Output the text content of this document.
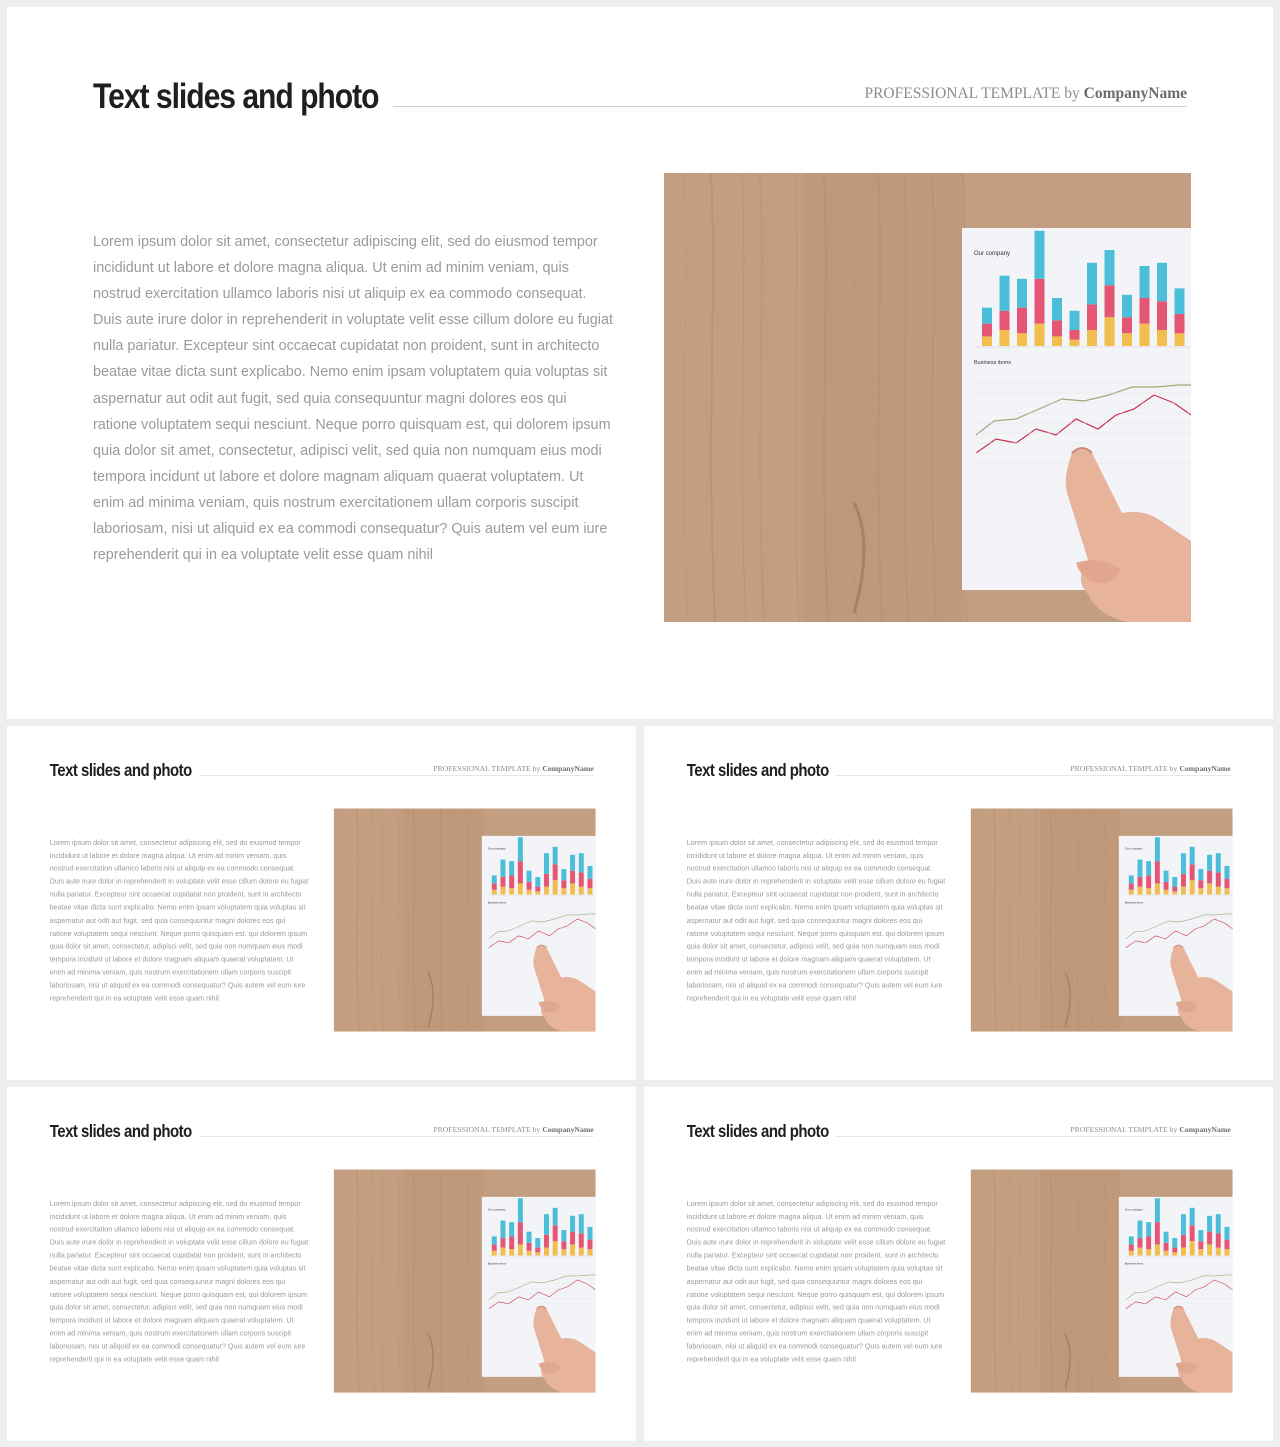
Text slides and photo	PROFESSIONAL TEMPLATE by CompanyName

Lorem ipsum dolor sit amet, consectetur adipiscing elit, sed do eiusmod tempor incididunt ut labore et dolore magna aliqua. Ut enim ad minim veniam, quis nostrud exercitation ullamco laboris nisi ut aliquip ex ea commodo consequat. Duis aute irure dolor in reprehenderit in voluptate velit esse cillum dolore eu fugiat nulla pariatur. Excepteur sint occaecat cupidatat non proident, sunt in architecto beatae vitae dicta sunt explicabo. Nemo enim ipsam voluptatem quia voluptas sit aspernatur aut odit aut fugit, sed quia consequuntur magni dolores eos qui ratione voluptatem sequi nesciunt. Neque porro quisquam est, qui dolorem ipsum quia dolor sit amet, consectetur, adipisci velit, sed quia non numquam eius modi tempora incidunt ut labore et dolore magnam aliquam quaerat voluptatem. Ut enim ad minima veniam, quis nostrum exercitationem ullam corporis suscipit laboriosam, nisi ut aliquid ex ea commodi consequatur? Quis autem vel eum iure reprehenderit qui in ea voluptate velit esse quam nihil

Our company
Business items
Text slides and photo	PROFESSIONAL TEMPLATE by CompanyName

Lorem ipsum dolor sit amet, consectetur adipiscing elit, sed do eiusmod tempor incididunt ut labore et dolore magna aliqua. Ut enim ad minim veniam, quis nostrud exercitation ullamco laboris nisi ut aliquip ex ea commodo consequat. Duis aute irure dolor in reprehenderit in voluptate velit esse cillum dolore eu fugiat nulla pariatur. Excepteur sint occaecat cupidatat non proident, sunt in architecto beatae vitae dicta sunt explicabo. Nemo enim ipsam voluptatem quia voluptas sit aspernatur aut odit aut fugit, sed quia consequuntur magni dolores eos qui ratione voluptatem sequi nesciunt. Neque porro quisquam est, qui dolorem ipsum quia dolor sit amet, consectetur, adipisci velit, sed quia non numquam eius modi tempora incidunt ut labore et dolore magnam aliquam quaerat voluptatem. Ut enim ad minima veniam, quis nostrum exercitationem ullam corporis suscipit laboriosam, nisi ut aliquid ex ea commodi consequatur? Quis autem vel eum iure reprehenderit qui in ea voluptate velit esse quam nihil

Our company
Business items
Text slides and photo	PROFESSIONAL TEMPLATE by CompanyName

Lorem ipsum dolor sit amet, consectetur adipiscing elit, sed do eiusmod tempor incididunt ut labore et dolore magna aliqua. Ut enim ad minim veniam, quis nostrud exercitation ullamco laboris nisi ut aliquip ex ea commodo consequat. Duis aute irure dolor in reprehenderit in voluptate velit esse cillum dolore eu fugiat nulla pariatur. Excepteur sint occaecat cupidatat non proident, sunt in architecto beatae vitae dicta sunt explicabo. Nemo enim ipsam voluptatem quia voluptas sit aspernatur aut odit aut fugit, sed quia consequuntur magni dolores eos qui ratione voluptatem sequi nesciunt. Neque porro quisquam est, qui dolorem ipsum quia dolor sit amet, consectetur, adipisci velit, sed quia non numquam eius modi tempora incidunt ut labore et dolore magnam aliquam quaerat voluptatem. Ut enim ad minima veniam, quis nostrum exercitationem ullam corporis suscipit laboriosam, nisi ut aliquid ex ea commodi consequatur? Quis autem vel eum iure reprehenderit qui in ea voluptate velit esse quam nihil

Our company
Business items
Text slides and photo	PROFESSIONAL TEMPLATE by CompanyName

Lorem ipsum dolor sit amet, consectetur adipiscing elit, sed do eiusmod tempor incididunt ut labore et dolore magna aliqua. Ut enim ad minim veniam, quis nostrud exercitation ullamco laboris nisi ut aliquip ex ea commodo consequat. Duis aute irure dolor in reprehenderit in voluptate velit esse cillum dolore eu fugiat nulla pariatur. Excepteur sint occaecat cupidatat non proident, sunt in architecto beatae vitae dicta sunt explicabo. Nemo enim ipsam voluptatem quia voluptas sit aspernatur aut odit aut fugit, sed quia consequuntur magni dolores eos qui ratione voluptatem sequi nesciunt. Neque porro quisquam est, qui dolorem ipsum quia dolor sit amet, consectetur, adipisci velit, sed quia non numquam eius modi tempora incidunt ut labore et dolore magnam aliquam quaerat voluptatem. Ut enim ad minima veniam, quis nostrum exercitationem ullam corporis suscipit laboriosam, nisi ut aliquid ex ea commodi consequatur? Quis autem vel eum iure reprehenderit qui in ea voluptate velit esse quam nihil

Our company
Business items
Text slides and photo	PROFESSIONAL TEMPLATE by CompanyName

Lorem ipsum dolor sit amet, consectetur adipiscing elit, sed do eiusmod tempor incididunt ut labore et dolore magna aliqua. Ut enim ad minim veniam, quis nostrud exercitation ullamco laboris nisi ut aliquip ex ea commodo consequat. Duis aute irure dolor in reprehenderit in voluptate velit esse cillum dolore eu fugiat nulla pariatur. Excepteur sint occaecat cupidatat non proident, sunt in architecto beatae vitae dicta sunt explicabo. Nemo enim ipsam voluptatem quia voluptas sit aspernatur aut odit aut fugit, sed quia consequuntur magni dolores eos qui ratione voluptatem sequi nesciunt. Neque porro quisquam est, qui dolorem ipsum quia dolor sit amet, consectetur, adipisci velit, sed quia non numquam eius modi tempora incidunt ut labore et dolore magnam aliquam quaerat voluptatem. Ut enim ad minima veniam, quis nostrum exercitationem ullam corporis suscipit laboriosam, nisi ut aliquid ex ea commodi consequatur? Quis autem vel eum iure reprehenderit qui in ea voluptate velit esse quam nihil

Our company
Business items
